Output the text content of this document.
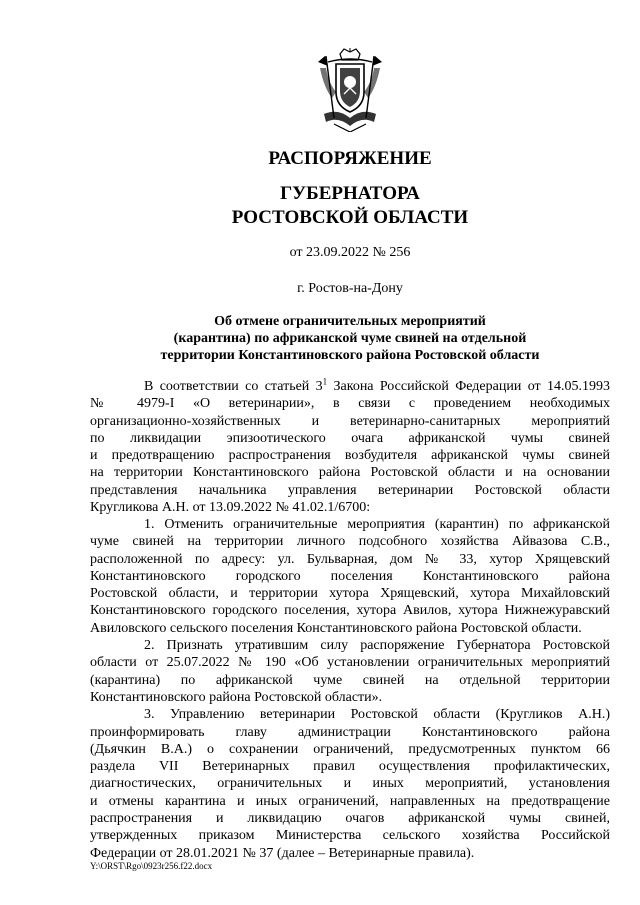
РАСПОРЯЖЕНИЕ
ГУБЕРНАТОРА
РОСТОВСКОЙ ОБЛАСТИ
от 23.09.2022 № 256
г. Ростов-на-Дону
Об отмене ограничительных мероприятий
(карантина) по африканской чуме свиней на отдельной
территории Константиновского района Ростовской области
В соответствии со статьей $3^1$ Закона Российской Федерации от 14.05.1993
№ 4979-I «О ветеринарии», в связи с проведением необходимых
организационно-хозяйственных и ветеринарно-санитарных мероприятий
по ликвидации эпизоотического очага африканской чумы свиней
и предотвращению распространения возбудителя африканской чумы свиней
на территории Константиновского района Ростовской области и на основании
представления начальника управления ветеринарии Ростовской области
Кругликова А.Н. от 13.09.2022 № 41.02.1/6700:
1. Отменить ограничительные мероприятия (карантин) по африканской
чуме свиней на территории личного подсобного хозяйства Айвазова С.В.,
расположенной по адресу: ул. Бульварная, дом № 33, хутор Хрящевский
Константиновского городского поселения Константиновского района
Ростовской области, и территории хутора Хрящевский, хутора Михайловский
Константиновского городского поселения, хутора Авилов, хутора Нижнежуравский
Авиловского сельского поселения Константиновского района Ростовской области.
2. Признать утратившим силу распоряжение Губернатора Ростовской
области от 25.07.2022 № 190 «Об установлении ограничительных мероприятий
(карантина) по африканской чуме свиней на отдельной территории
Константиновского района Ростовской области».
3. Управлению ветеринарии Ростовской области (Кругликов А.Н.)
проинформировать главу администрации Константиновского района
(Дьячкин В.А.) о сохранении ограничений, предусмотренных пунктом 66
раздела VII Ветеринарных правил осуществления профилактических,
диагностических, ограничительных и иных мероприятий, установления
и отмены карантина и иных ограничений, направленных на предотвращение
распространения и ликвидацию очагов африканской чумы свиней,
утвержденных приказом Министерства сельского хозяйства Российской
Федерации от 28.01.2021 № 37 (далее – Ветеринарные правила).
Y:\ORST\Rgo\0923r256.f22.docx
